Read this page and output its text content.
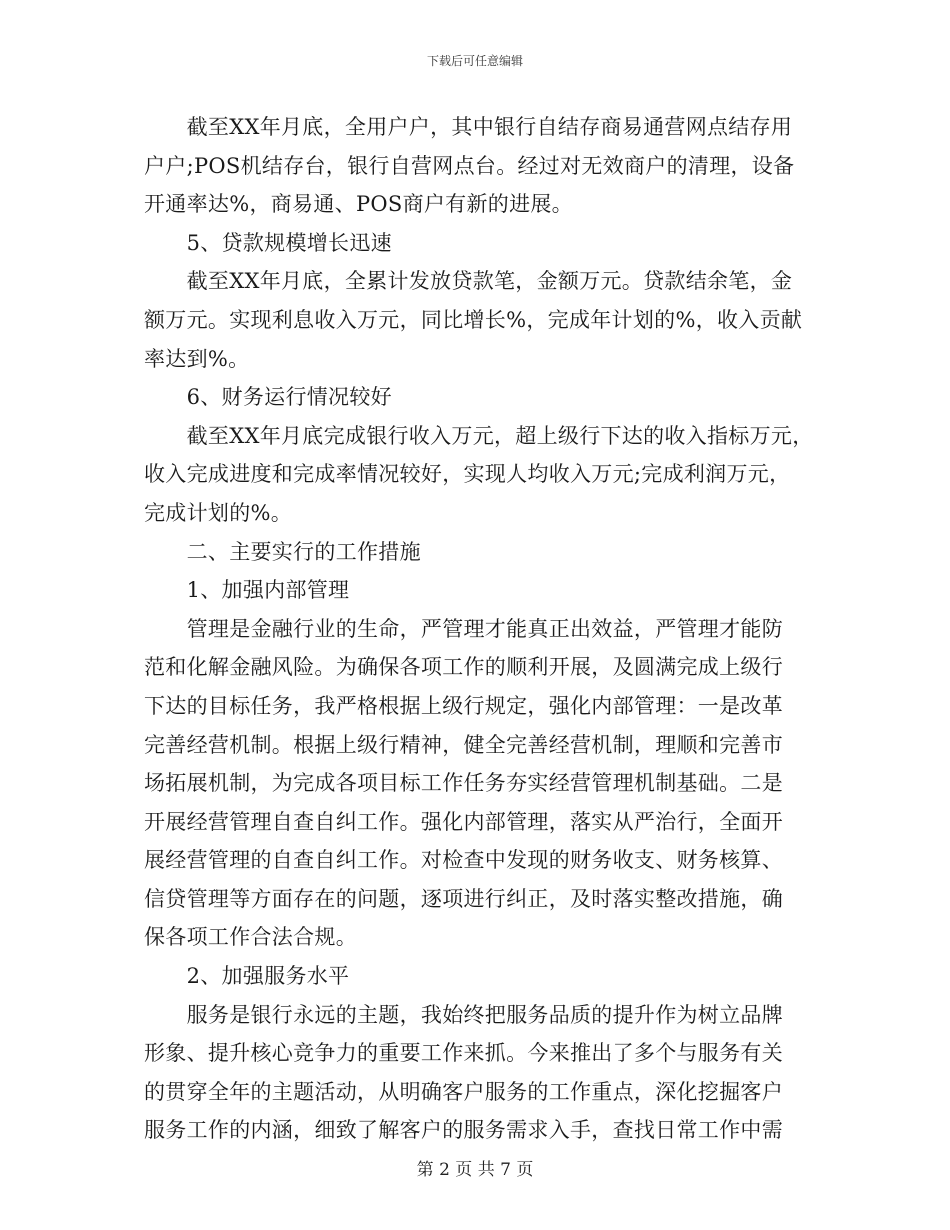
下载后可任意编辑
　　截至XX年月底，全用户户，其中银行自结存商易通营网点结存用
户户;POS机结存台，银行自营网点台。经过对无效商户的清理，设备
开通率达%，商易通、POS商户有新的进展。
　　5、贷款规模增长迅速
　　截至XX年月底，全累计发放贷款笔，金额万元。贷款结余笔，金
额万元。实现利息收入万元，同比增长%，完成年计划的%，收入贡献
率达到%。
　　6、财务运行情况较好
　　截至XX年月底完成银行收入万元，超上级行下达的收入指标万元，
收入完成进度和完成率情况较好，实现人均收入万元;完成利润万元，
完成计划的%。
　　二、主要实行的工作措施
　　1、加强内部管理
　　管理是金融行业的生命，严管理才能真正出效益，严管理才能防
范和化解金融风险。为确保各项工作的顺利开展，及圆满完成上级行
下达的目标任务，我严格根据上级行规定，强化内部管理：一是改革
完善经营机制。根据上级行精神，健全完善经营机制，理顺和完善市
场拓展机制，为完成各项目标工作任务夯实经营管理机制基础。二是
开展经营管理自查自纠工作。强化内部管理，落实从严治行，全面开
展经营管理的自查自纠工作。对检查中发现的财务收支、财务核算、
信贷管理等方面存在的问题，逐项进行纠正，及时落实整改措施，确
保各项工作合法合规。
　　2、加强服务水平
　　服务是银行永远的主题，我始终把服务品质的提升作为树立品牌
形象、提升核心竞争力的重要工作来抓。今来推出了多个与服务有关
的贯穿全年的主题活动，从明确客户服务的工作重点，深化挖掘客户
服务工作的内涵，细致了解客户的服务需求入手，查找日常工作中需
第 2 页 共 7 页
